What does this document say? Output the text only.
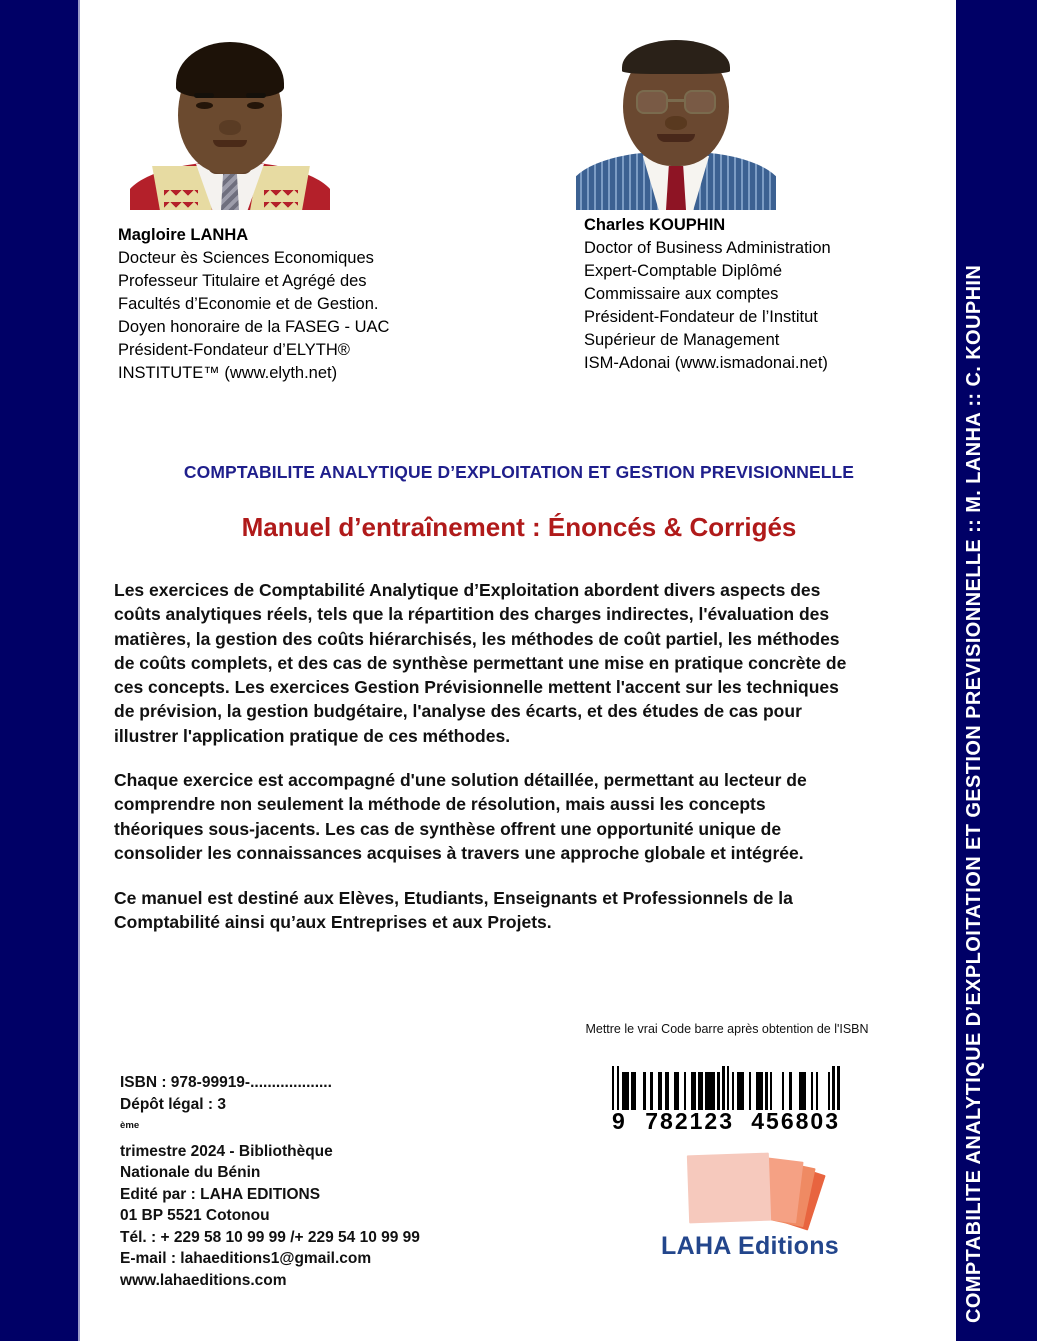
COMPTABILITE ANALYTIQUE D’EXPLOITATION ET GESTION PREVISIONNELLE :: M. LANHA :: C. KOUPHIN
Magloire LANHA
Docteur ès Sciences Economiques
Professeur Titulaire et Agrégé des
Facultés d’Economie et de Gestion.
Doyen honoraire de la FASEG - UAC
Président-Fondateur d’ELYTH®
INSTITUTE™ (www.elyth.net)
Charles KOUPHIN
Doctor of Business Administration
Expert-Comptable Diplômé
Commissaire aux comptes
Président-Fondateur de l’Institut
Supérieur de Management
ISM-Adonai (www.ismadonai.net)
COMPTABILITE ANALYTIQUE D’EXPLOITATION ET GESTION PREVISIONNELLE
Manuel d’entraînement : Énoncés & Corrigés
Les exercices de Comptabilité Analytique d’Exploitation abordent divers aspects des coûts analytiques réels, tels que la répartition des charges indirectes, l'évaluation des matières, la gestion des coûts hiérarchisés, les méthodes de coût partiel, les méthodes de coûts complets, et des cas de synthèse permettant une mise en pratique concrète de ces concepts. Les exercices Gestion Prévisionnelle mettent l'accent sur les techniques de prévision, la gestion budgétaire, l'analyse des écarts, et des études de cas pour illustrer l'application pratique de ces méthodes.
Chaque exercice est accompagné d'une solution détaillée, permettant au lecteur de comprendre non seulement la méthode de résolution, mais aussi les concepts théoriques sous-jacents. Les cas de synthèse offrent une opportunité unique de consolider les connaissances acquises à travers une approche globale et intégrée.
Ce manuel est destiné aux Elèves, Etudiants, Enseignants et Professionnels de la Comptabilité ainsi qu’aux Entreprises et aux Projets.
Mettre le vrai Code barre après obtention de l'ISBN
9 782123 456803
LAHA Editions
ISBN : 978-99919-...................
Dépôt légal : 3
$^{ème}$
trimestre 2024 - Bibliothèque
Nationale du Bénin
Edité par : LAHA EDITIONS
01 BP 5521 Cotonou
Tél. : + 229 58 10 99 99 /+ 229 54 10 99 99
E-mail : lahaeditions1@gmail.com
www.lahaeditions.com
